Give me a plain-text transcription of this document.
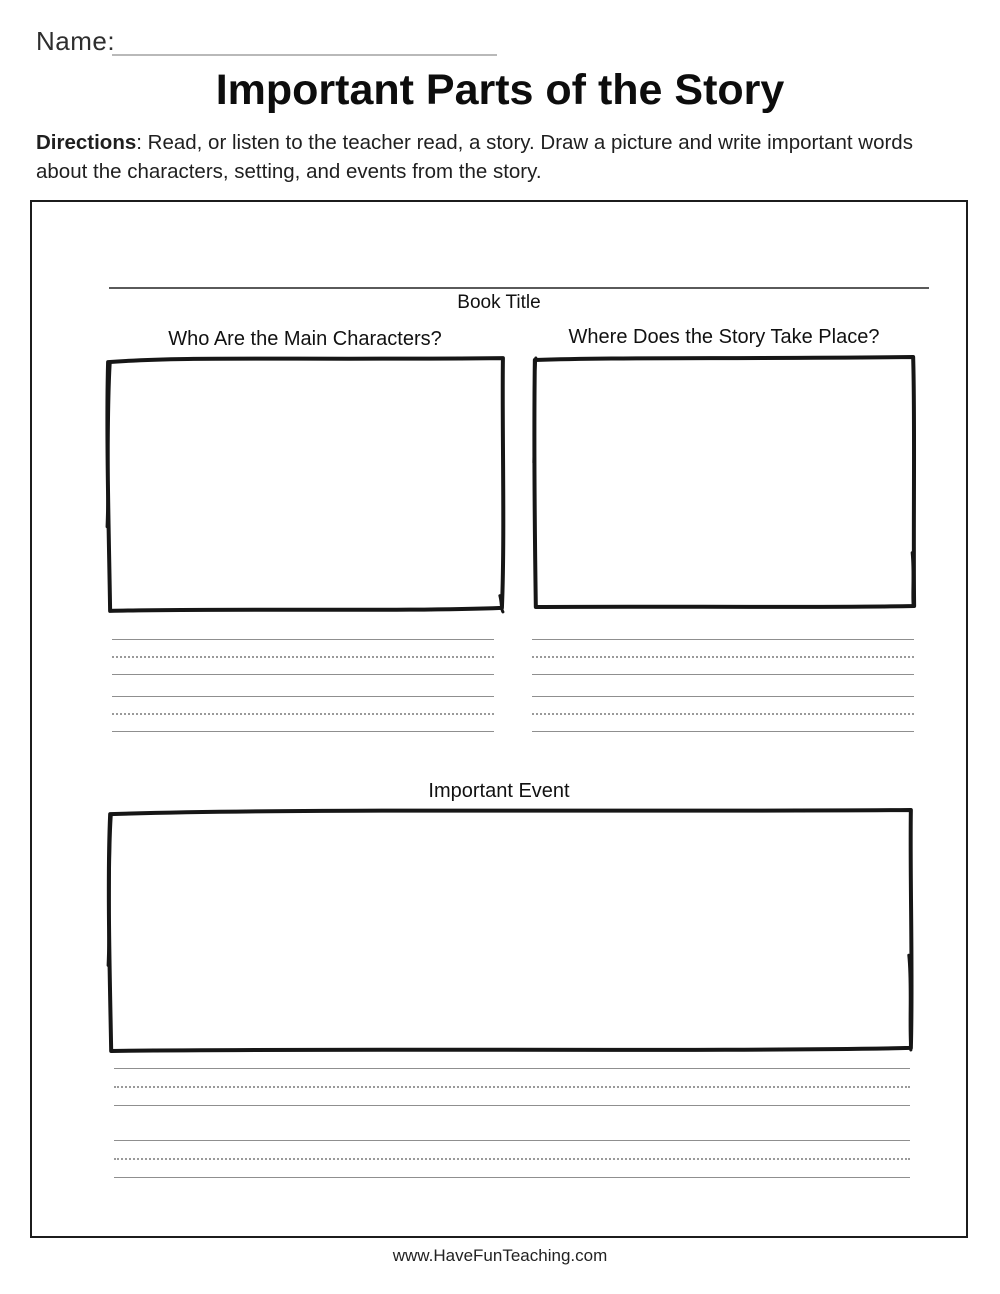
Name:
Important Parts of the Story

Directions: Read, or listen to the teacher read, a story. Draw a picture and write important words about the characters, setting, and events from the story.

Book Title
Who Are the Main Characters?	Where Does the Story Take Place?
Important Event
www.HaveFunTeaching.com
